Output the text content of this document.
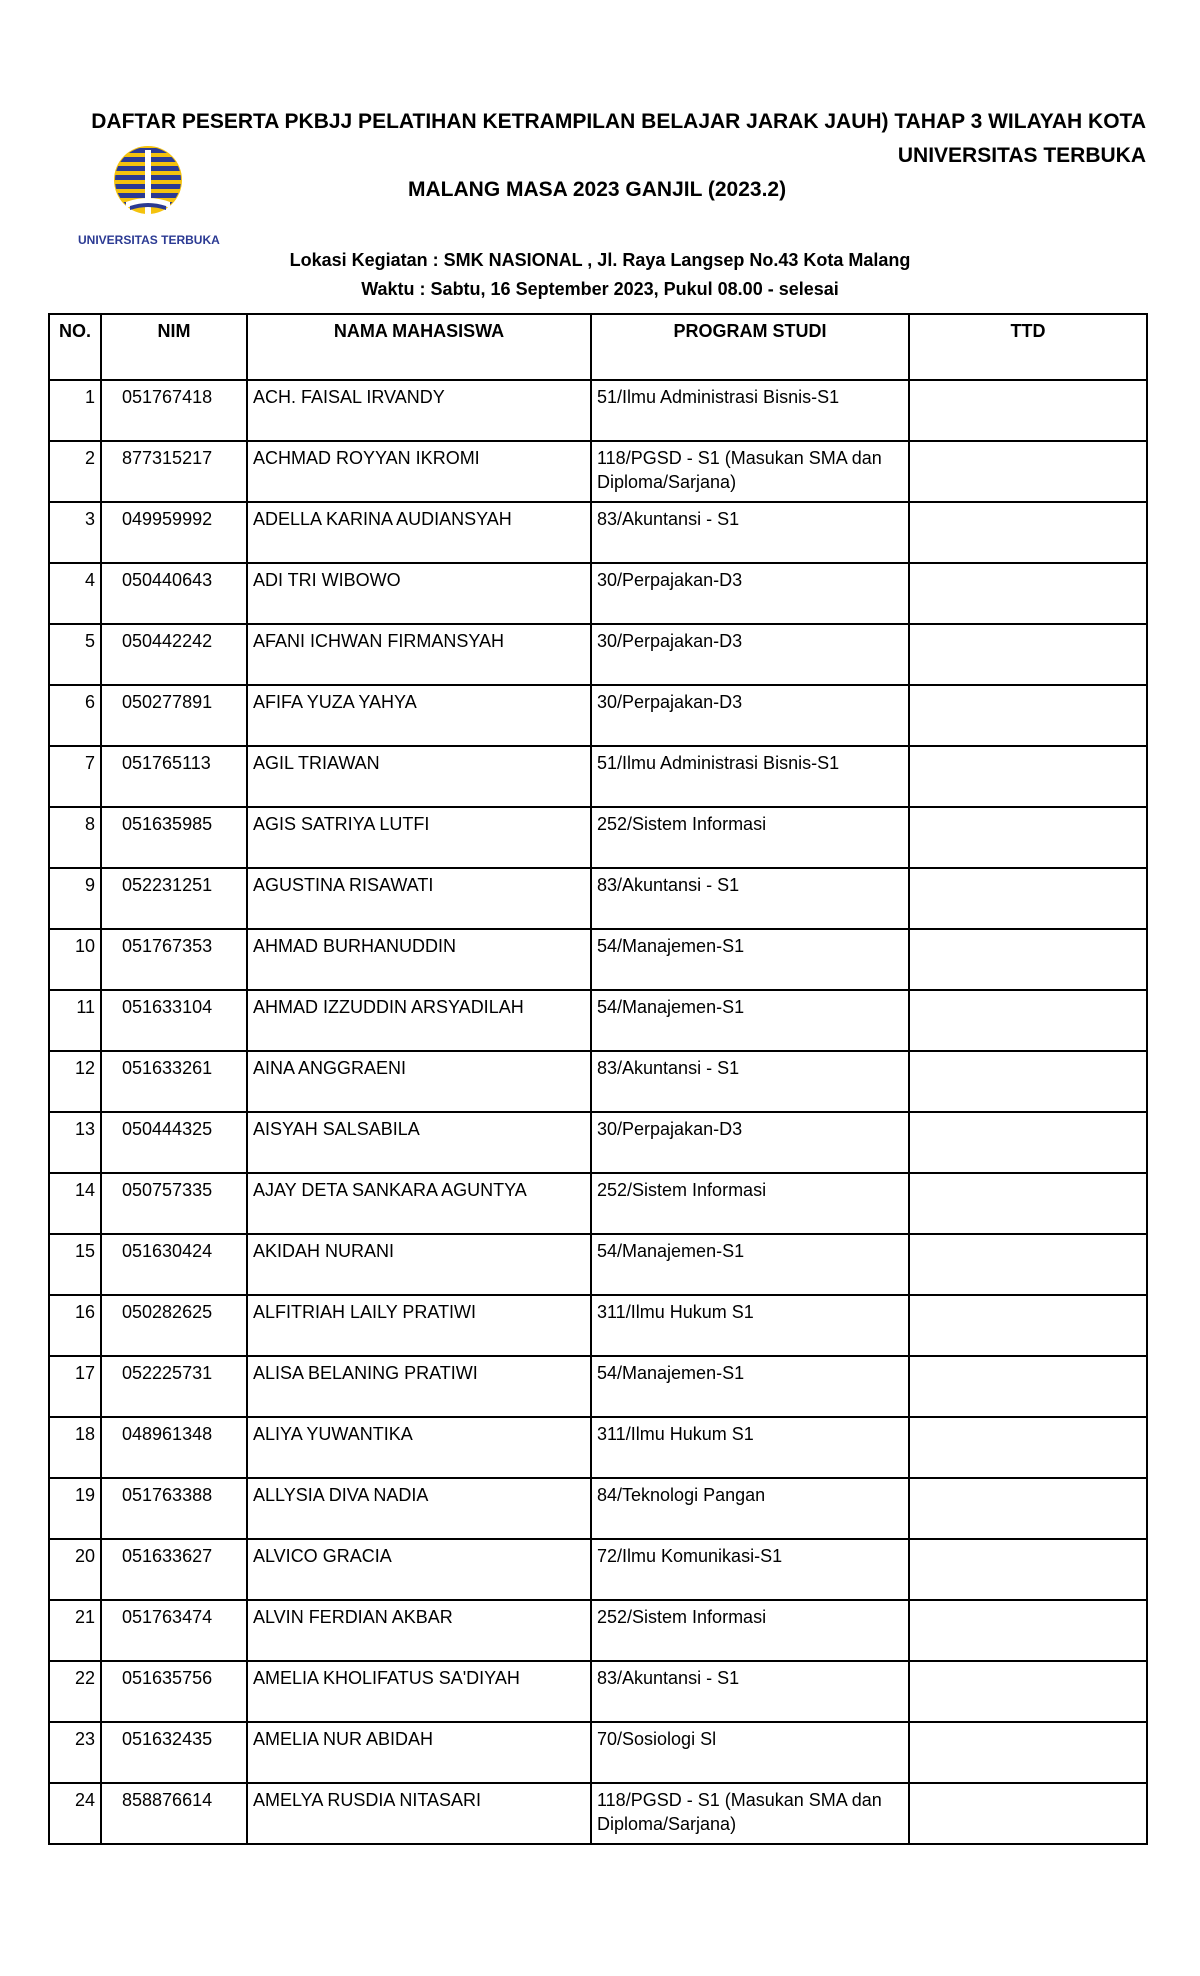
DAFTAR PESERTA PKBJJ PELATIHAN KETRAMPILAN BELAJAR JARAK JAUH) TAHAP 3 WILAYAH KOTA
UNIVERSITAS TERBUKA
MALANG MASA 2023 GANJIL (2023.2)
UNIVERSITAS TERBUKA
Lokasi Kegiatan : SMK NASIONAL , Jl. Raya Langsep No.43 Kota Malang
Waktu : Sabtu, 16 September 2023, Pukul 08.00 - selesai
NO.	NIM	NAMA MAHASISWA	PROGRAM STUDI	TTD
1	051767418	ACH. FAISAL IRVANDY	51/Ilmu Administrasi Bisnis-S1	
2	877315217	ACHMAD ROYYAN IKROMI	118/PGSD - S1 (Masukan SMA dan Diploma/Sarjana)	
3	049959992	ADELLA KARINA AUDIANSYAH	83/Akuntansi - S1	
4	050440643	ADI TRI WIBOWO	30/Perpajakan-D3	
5	050442242	AFANI ICHWAN FIRMANSYAH	30/Perpajakan-D3	
6	050277891	AFIFA YUZA YAHYA	30/Perpajakan-D3	
7	051765113	AGIL TRIAWAN	51/Ilmu Administrasi Bisnis-S1	
8	051635985	AGIS SATRIYA LUTFI	252/Sistem Informasi	
9	052231251	AGUSTINA RISAWATI	83/Akuntansi - S1	
10	051767353	AHMAD BURHANUDDIN	54/Manajemen-S1	
11	051633104	AHMAD IZZUDDIN ARSYADILAH	54/Manajemen-S1	
12	051633261	AINA ANGGRAENI	83/Akuntansi - S1	
13	050444325	AISYAH SALSABILA	30/Perpajakan-D3	
14	050757335	AJAY DETA SANKARA AGUNTYA	252/Sistem Informasi	
15	051630424	AKIDAH NURANI	54/Manajemen-S1	
16	050282625	ALFITRIAH LAILY PRATIWI	311/Ilmu Hukum S1	
17	052225731	ALISA BELANING PRATIWI	54/Manajemen-S1	
18	048961348	ALIYA YUWANTIKA	311/Ilmu Hukum S1	
19	051763388	ALLYSIA DIVA NADIA	84/Teknologi Pangan	
20	051633627	ALVICO GRACIA	72/Ilmu Komunikasi-S1	
21	051763474	ALVIN FERDIAN AKBAR	252/Sistem Informasi	
22	051635756	AMELIA KHOLIFATUS SA'DIYAH	83/Akuntansi - S1	
23	051632435	AMELIA NUR ABIDAH	70/Sosiologi Sl	
24	858876614	AMELYA RUSDIA NITASARI	118/PGSD - S1 (Masukan SMA dan Diploma/Sarjana)	
